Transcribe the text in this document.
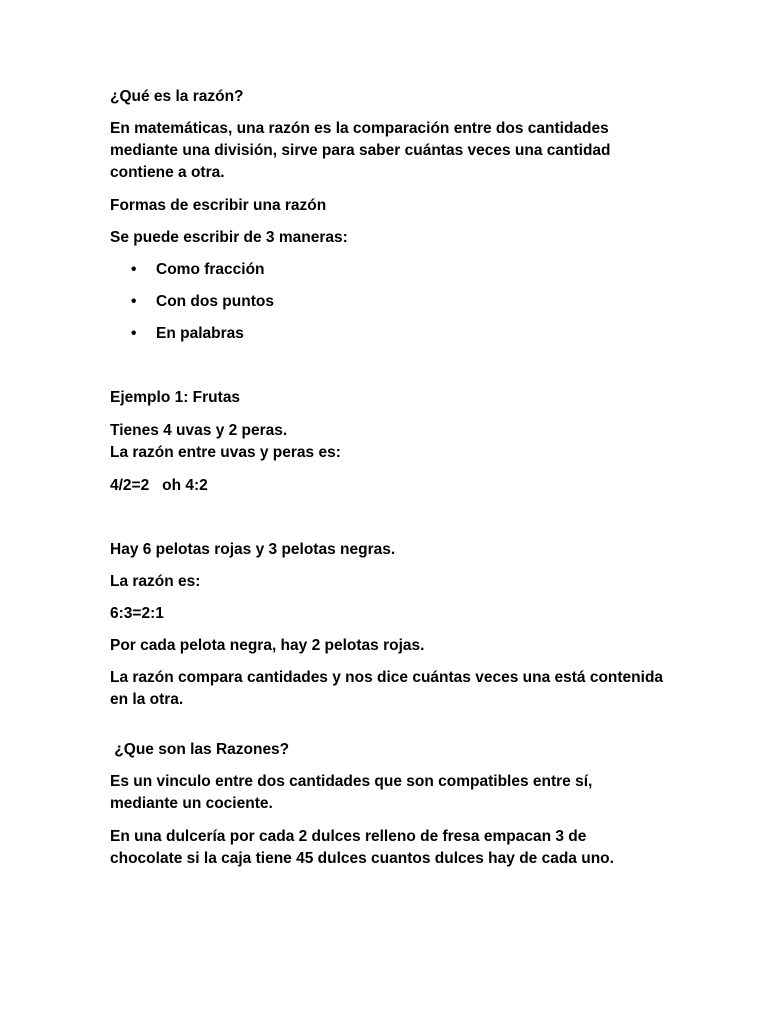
¿Qué es la razón?

En matemáticas, una razón es la comparación entre dos cantidades

mediante una división, sirve para saber cuántas veces una cantidad

contiene a otra.

Formas de escribir una razón

Se puede escribir de 3 maneras:

• Como fracción
• Con dos puntos
• En palabras

Ejemplo 1: Frutas

Tienes 4 uvas y 2 peras.

La razón entre uvas y peras es:

4/2=2   oh 4:2

Hay 6 pelotas rojas y 3 pelotas negras.

La razón es:

6:3=2:1

Por cada pelota negra, hay 2 pelotas rojas.

La razón compara cantidades y nos dice cuántas veces una está contenida

en la otra.

¿Que son las Razones?

Es un vinculo entre dos cantidades que son compatibles entre sí,

mediante un cociente.

En una dulcería por cada 2 dulces relleno de fresa empacan 3 de

chocolate si la caja tiene 45 dulces cuantos dulces hay de cada uno.
